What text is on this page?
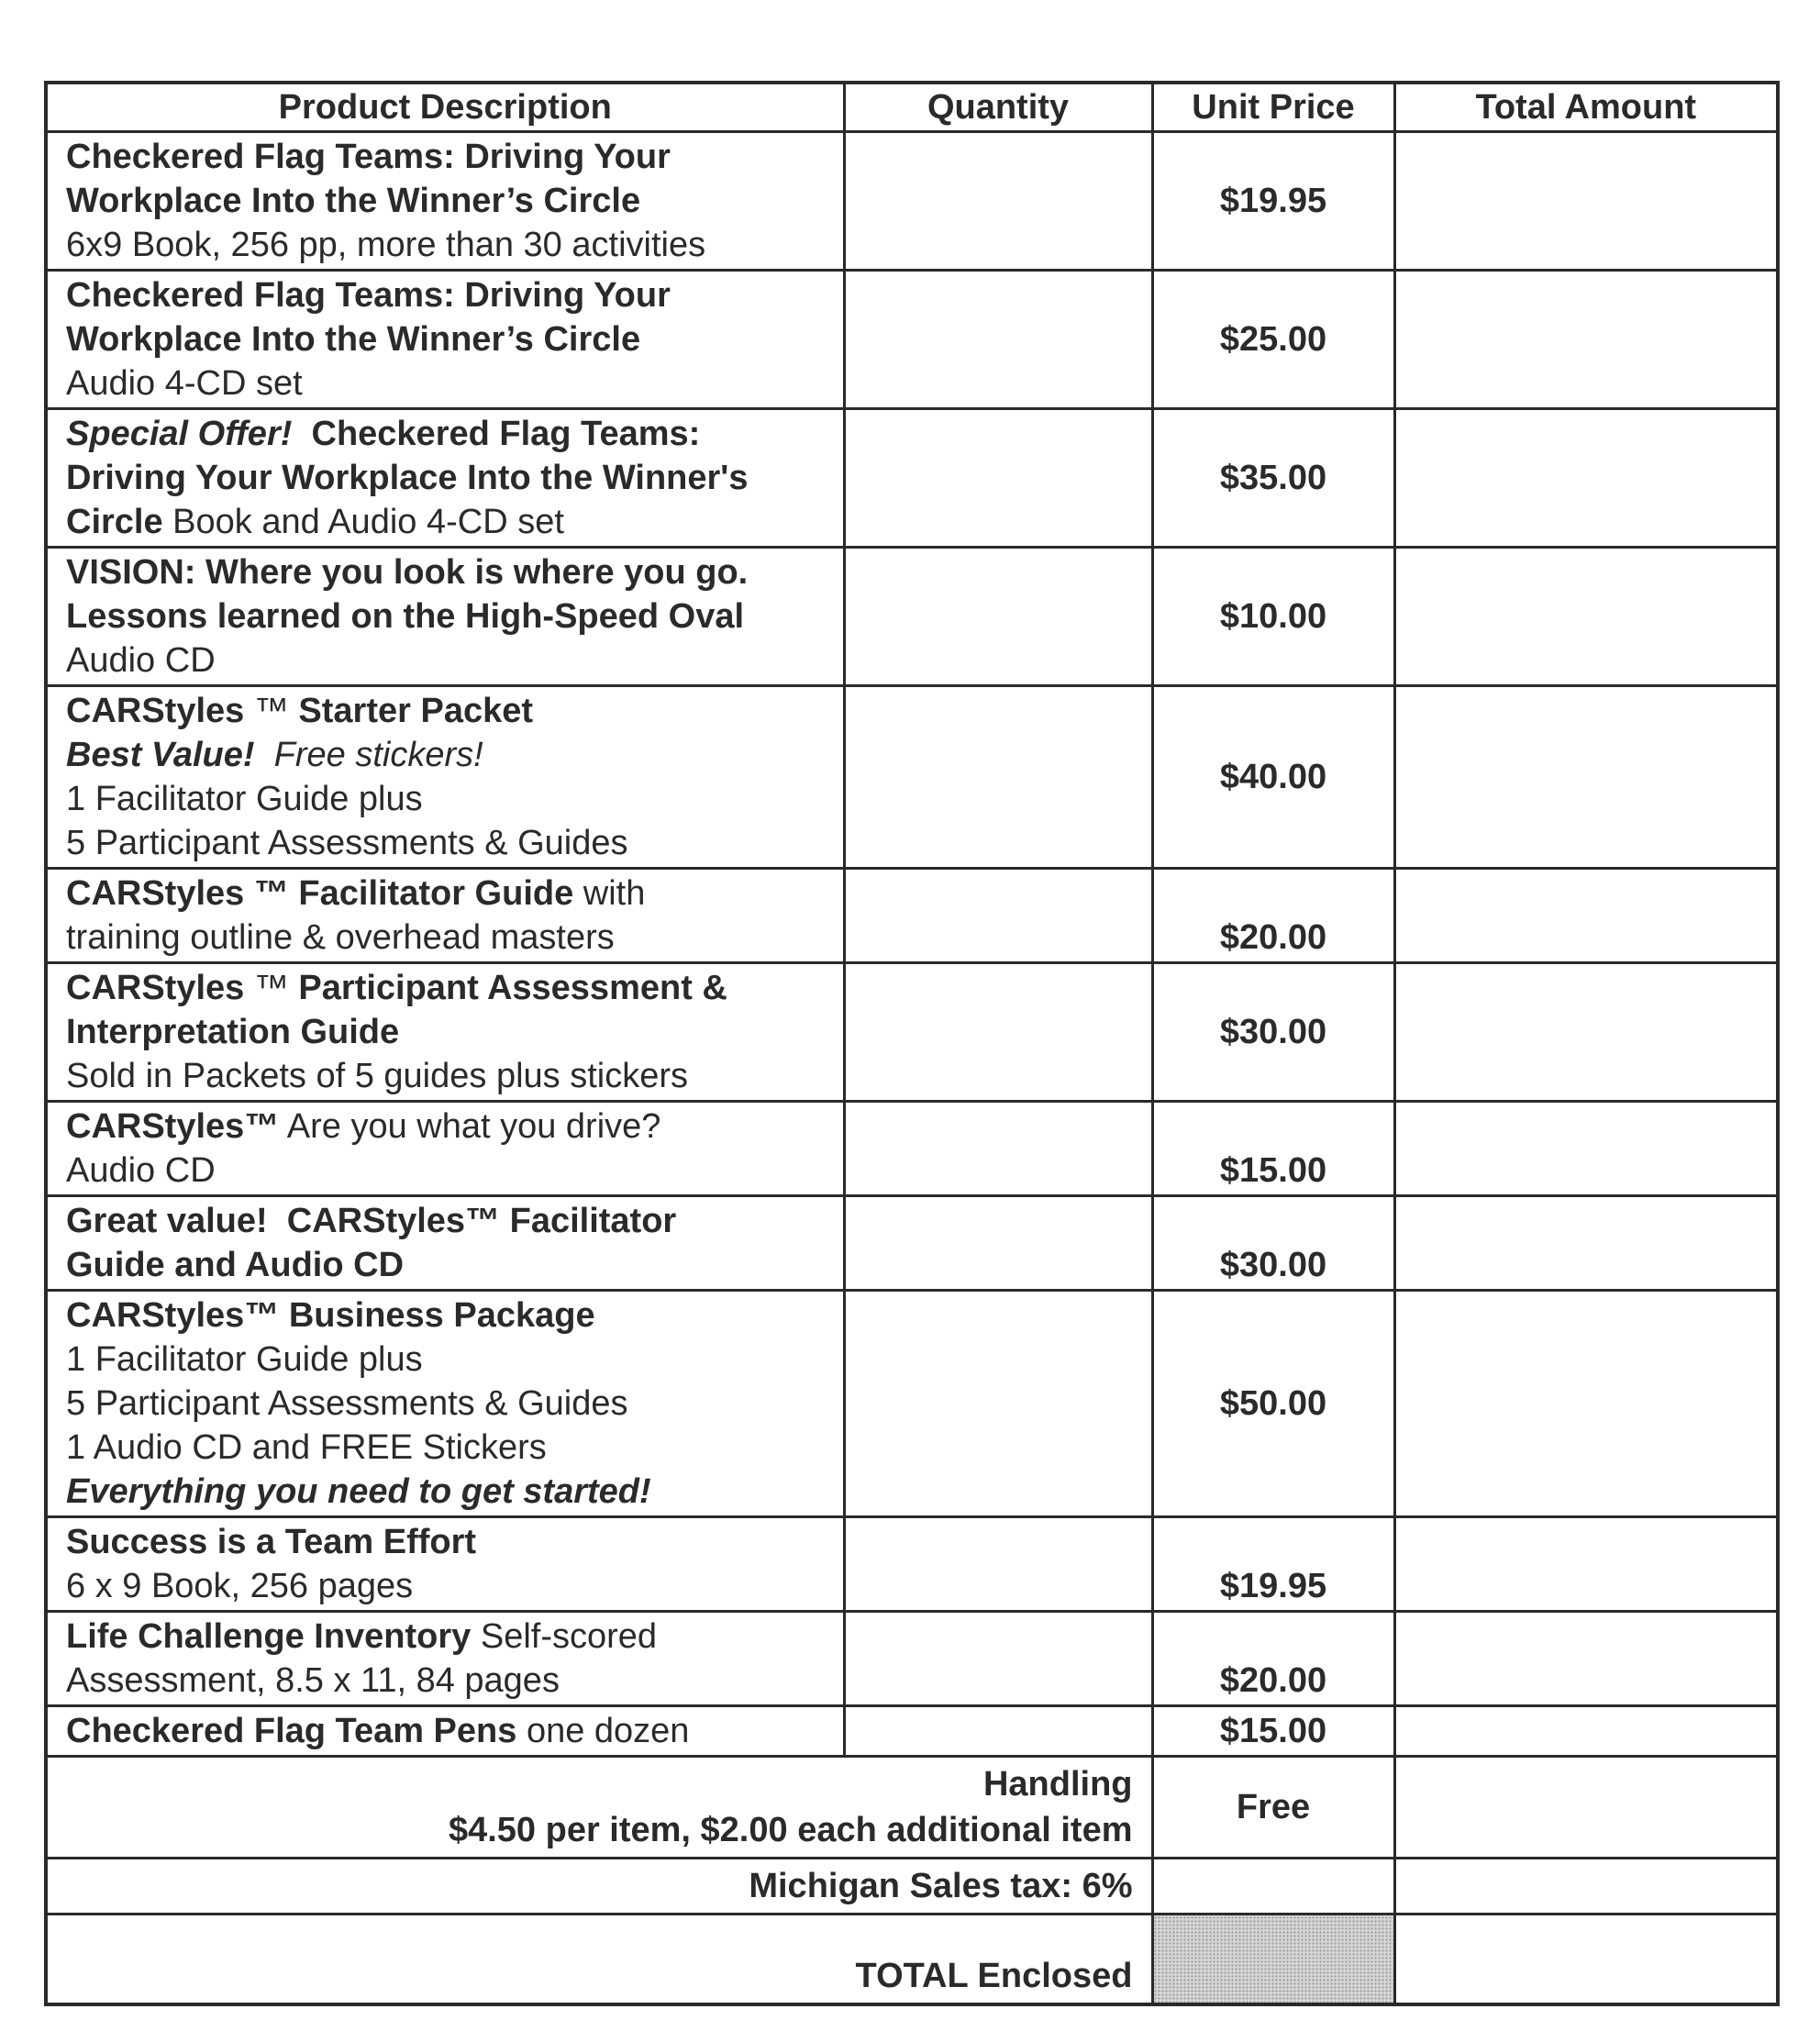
Product Description	Quantity	Unit Price	Total Amount

Checkered Flag Teams: Driving Your
Workplace Into the Winner’s Circle
6x9 Book, 256 pp, more than 30 activities		$19.95	

Checkered Flag Teams: Driving Your
Workplace Into the Winner’s Circle
Audio 4-CD set		$25.00	

Special Offer!  Checkered Flag Teams:
Driving Your Workplace Into the Winner's
Circle Book and Audio 4-CD set		$35.00	

VISION: Where you look is where you go.
Lessons learned on the High-Speed Oval
Audio CD		$10.00	

CARStyles ™ Starter Packet
Best Value!  Free stickers!
1 Facilitator Guide plus
5 Participant Assessments & Guides		$40.00	

CARStyles ™ Facilitator Guide with
training outline & overhead masters		$20.00	

CARStyles ™ Participant Assessment &
Interpretation Guide
Sold in Packets of 5 guides plus stickers		$30.00	

CARStyles™ Are you what you drive?
Audio CD		$15.00	

Great value!  CARStyles™ Facilitator
Guide and Audio CD		$30.00	

CARStyles™ Business Package
1 Facilitator Guide plus
5 Participant Assessments & Guides
1 Audio CD and FREE Stickers
Everything you need to get started!		$50.00	

Success is a Team Effort
6 x 9 Book, 256 pages		$19.95	

Life Challenge Inventory Self-scored
Assessment, 8.5 x 11, 84 pages		$20.00	

Checkered Flag Team Pens one dozen		$15.00	

Handling
$4.50 per item, $2.00 each additional item		Free	
Michigan Sales tax: 6%			
TOTAL Enclosed			
